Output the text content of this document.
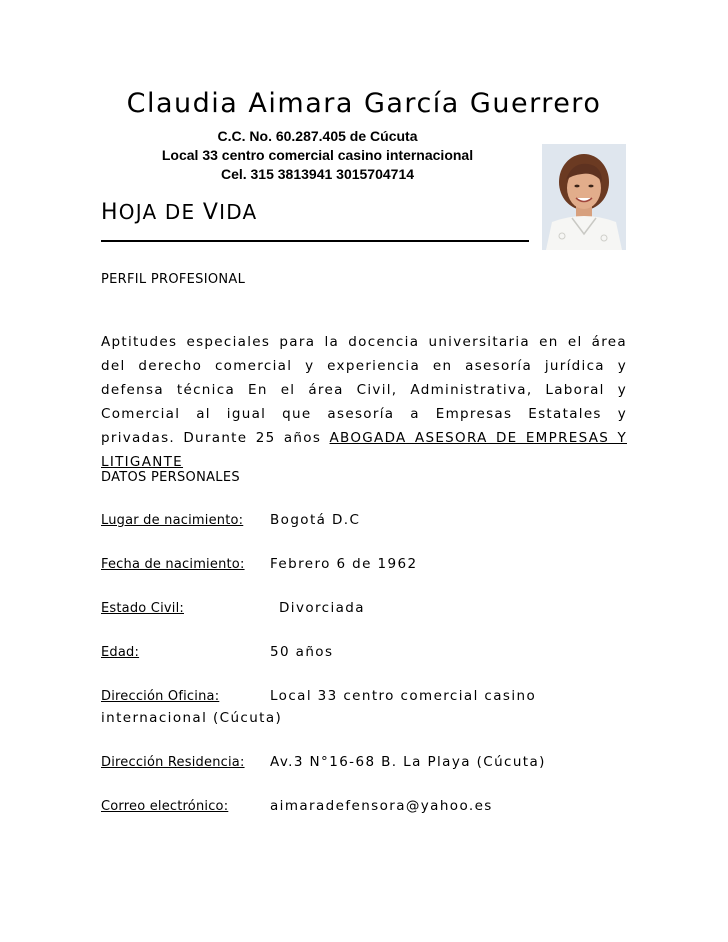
Claudia Aimara García Guerrero
C.C. No. 60.287.405 de Cúcuta
Local 33 centro comercial casino internacional
Cel. 315 3813941 3015704714
HOJA DE VIDA
PERFIL PROFESIONAL
Aptitudes especiales para la docencia universitaria en el área del derecho comercial y experiencia en asesoría jurídica y defensa técnica En el área Civil, Administrativa, Laboral y Comercial al igual que asesoría a Empresas Estatales y privadas. Durante 25 años ABOGADA ASESORA DE EMPRESAS Y LITIGANTE
DATOS PERSONALES
Lugar de nacimiento: Bogotá D.C
Fecha de nacimiento: Febrero 6 de 1962
Estado Civil:	Divorciada
Edad:	50 años
Dirección Oficina:	Local 33 centro comercial casino
internacional (Cúcuta)
Dirección Residencia: Av.3 N°16-68 B. La Playa (Cúcuta)
Correo electrónico:	aimaradefensora@yahoo.es
